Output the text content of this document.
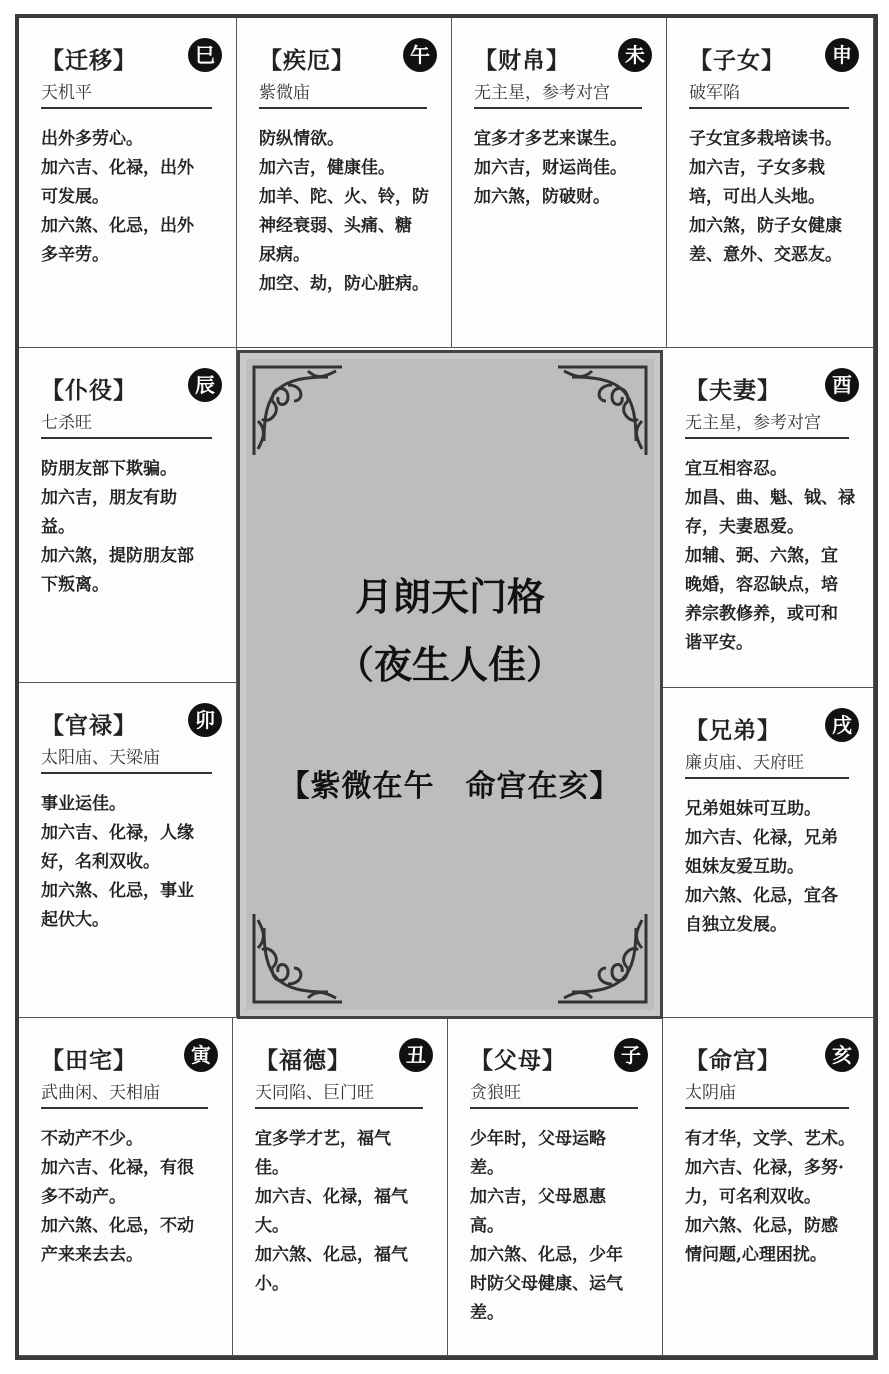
【迁移】	巳
天机平
出外多劳心。
加六吉、化禄，出外
可发展。
加六煞、化忌，出外
多辛劳。
【疾厄】	午
紫微庙
防纵情欲。
加六吉，健康佳。
加羊、陀、火、铃，防
神经衰弱、头痛、糖
尿病。
加空、劫，防心脏病。
【财帛】	未
无主星，参考对宫
宜多才多艺来谋生。
加六吉，财运尚佳。
加六煞，防破财。
【子女】	申
破军陷
子女宜多栽培读书。
加六吉，子女多栽
培，可出人头地。
加六煞，防子女健康
差、意外、交恶友。
【仆役】	辰
七杀旺
防朋友部下欺骗。
加六吉，朋友有助
益。
加六煞，提防朋友部
下叛离。
【官禄】	卯
太阳庙、天梁庙
事业运佳。
加六吉、化禄，人缘
好，名利双收。
加六煞、化忌，事业
起伏大。
【夫妻】	酉
无主星，参考对宫
宜互相容忍。
加昌、曲、魁、钺、禄
存，夫妻恩爱。
加辅、弼、六煞，宜
晚婚，容忍缺点，培
养宗教修养，或可和
谐平安。
【兄弟】	戌
廉贞庙、天府旺
兄弟姐妹可互助。
加六吉、化禄，兄弟
姐妹友爱互助。
加六煞、化忌，宜各
自独立发展。
【田宅】	寅
武曲闲、天相庙
不动产不少。
加六吉、化禄，有很
多不动产。
加六煞、化忌，不动
产来来去去。
【福德】	丑
天同陷、巨门旺
宜多学才艺，福气
佳。
加六吉、化禄，福气
大。
加六煞、化忌，福气
小。
【父母】	子
贪狼旺
少年时，父母运略
差。
加六吉，父母恩惠
高。
加六煞、化忌，少年
时防父母健康、运气
差。
【命宫】	亥
太阴庙
有才华，文学、艺术。
加六吉、化禄，多努·
力，可名利双收。
加六煞、化忌，防感
情问题,心理困扰。
月朗天门格
（夜生人佳）
【紫微在午　命宫在亥】
